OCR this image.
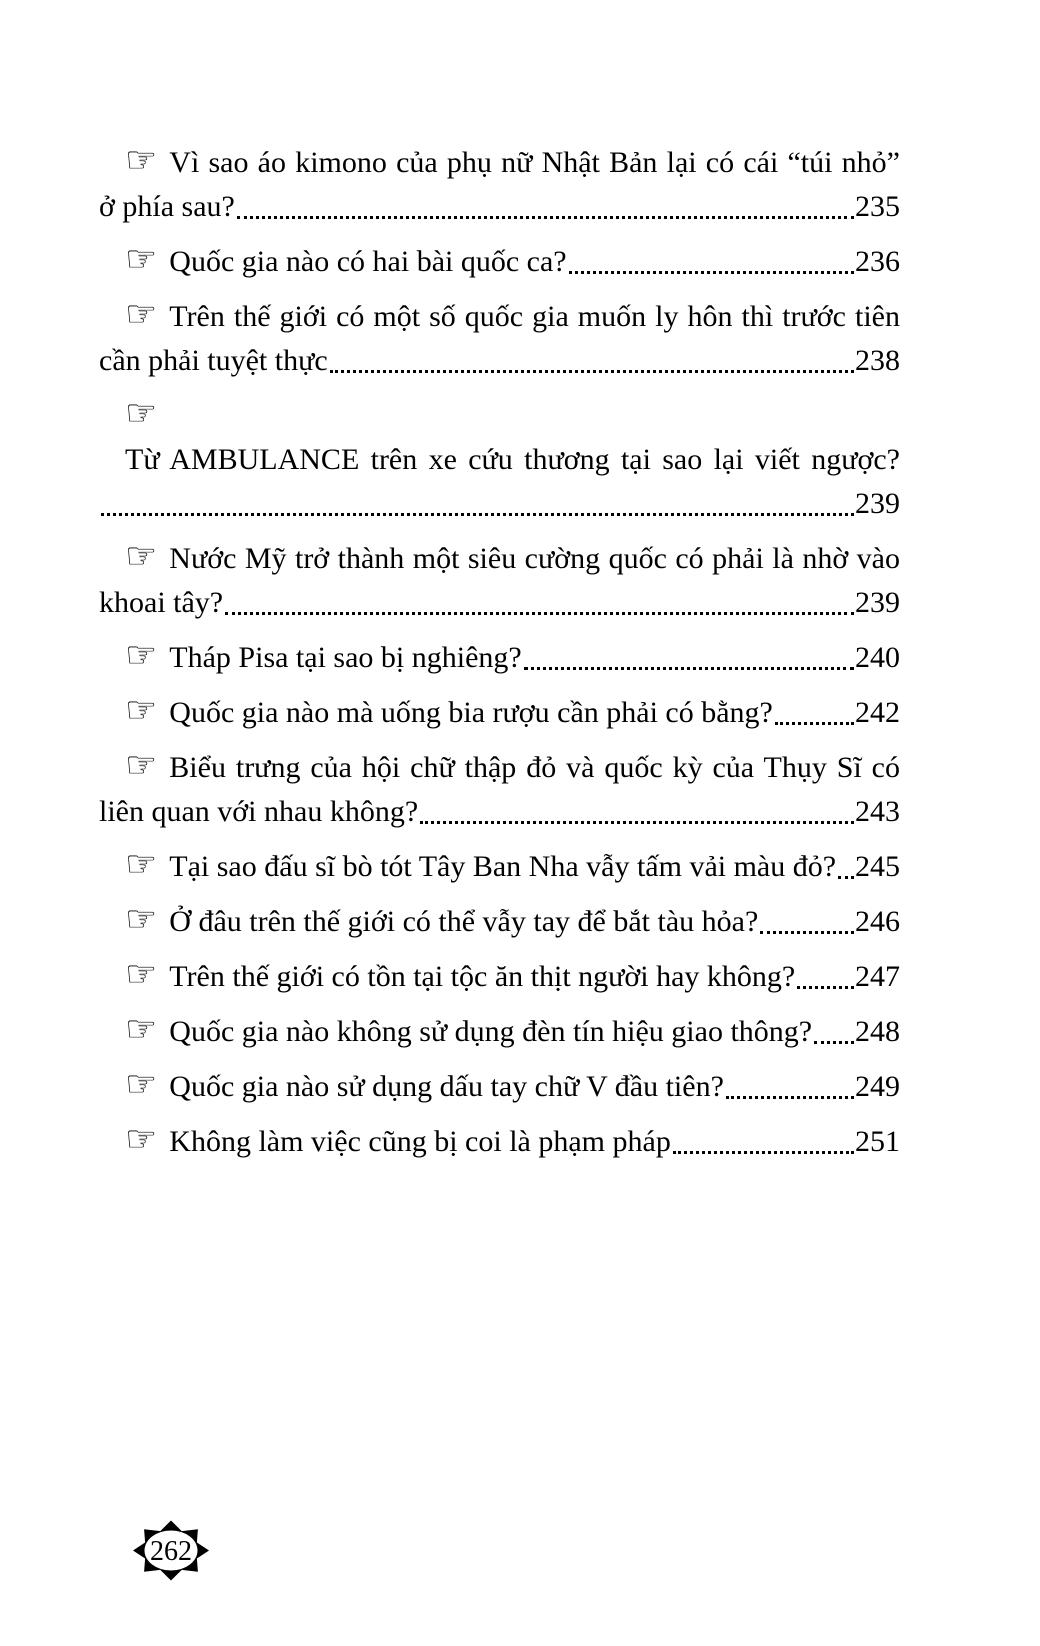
☞ Vì sao áo kimono của phụ nữ Nhật Bản lại có cái “túi nhỏ”
ở phía sau?	235
☞ Quốc gia nào có hai bài quốc ca?	236
☞ Trên thế giới có một số quốc gia muốn ly hôn thì trước tiên
cần phải tuyệt thực	238
☞Từ AMBULANCE trên xe cứu thương tại sao lại viết ngược?
239
☞ Nước Mỹ trở thành một siêu cường quốc có phải là nhờ vào
khoai tây?	239
☞ Tháp Pisa tại sao bị nghiêng?	240
☞ Quốc gia nào mà uống bia rượu cần phải có bằng?	242
☞ Biểu trưng của hội chữ thập đỏ và quốc kỳ của Thụy Sĩ có
liên quan với nhau không?	243
☞ Tại sao đấu sĩ bò tót Tây Ban Nha vẫy tấm vải màu đỏ? 245
☞ Ở đâu trên thế giới có thể vẫy tay để bắt tàu hỏa?	246
☞ Trên thế giới có tồn tại tộc ăn thịt người hay không? 247
☞ Quốc gia nào không sử dụng đèn tín hiệu giao thông? 248
☞ Quốc gia nào sử dụng dấu tay chữ V đầu tiên?	249
☞ Không làm việc cũng bị coi là phạm pháp	251
262
